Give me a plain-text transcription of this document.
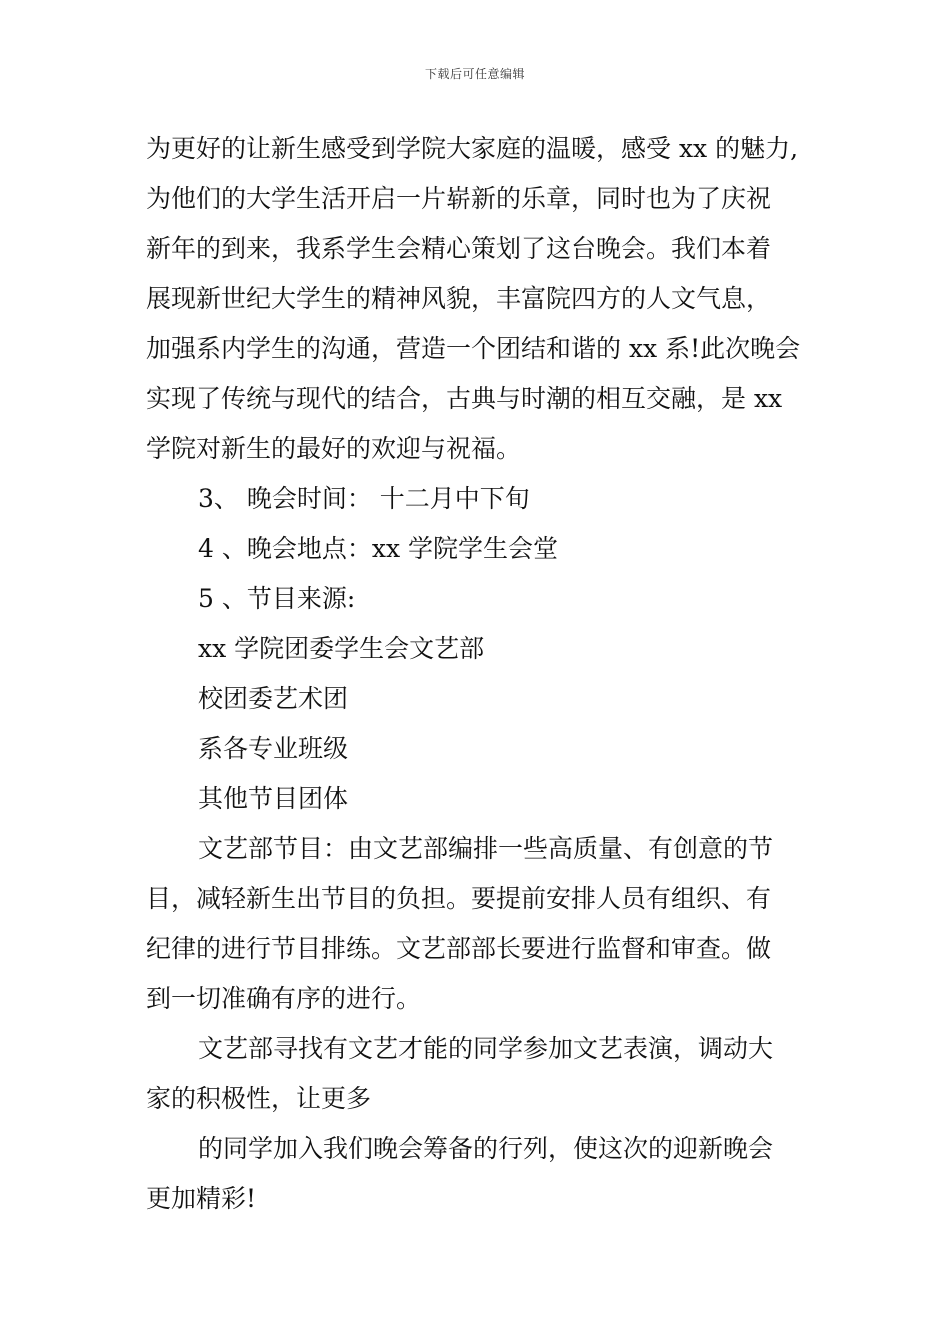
下载后可任意编辑
为更好的让新生感受到学院大家庭的温暖，感受 xx 的魅力,
为他们的大学生活开启一片崭新的乐章，同时也为了庆祝
新年的到来，我系学生会精心策划了这台晚会。我们本着
展现新世纪大学生的精神风貌，丰富院四方的人文气息，
加强系内学生的沟通，营造一个团结和谐的 xx 系!此次晚会
实现了传统与现代的结合，古典与时潮的相互交融，是 xx
学院对新生的最好的欢迎与祝福。
3、 晚会时间： 十二月中下旬
4 、晚会地点：xx 学院学生会堂
5 、节目来源:
xx 学院团委学生会文艺部
校团委艺术团
系各专业班级
其他节目团体
文艺部节目：由文艺部编排一些高质量、有创意的节
目，减轻新生出节目的负担。要提前安排人员有组织、有
纪律的进行节目排练。文艺部部长要进行监督和审查。做
到一切准确有序的进行。
文艺部寻找有文艺才能的同学参加文艺表演，调动大
家的积极性，让更多
的同学加入我们晚会筹备的行列，使这次的迎新晚会
更加精彩!
